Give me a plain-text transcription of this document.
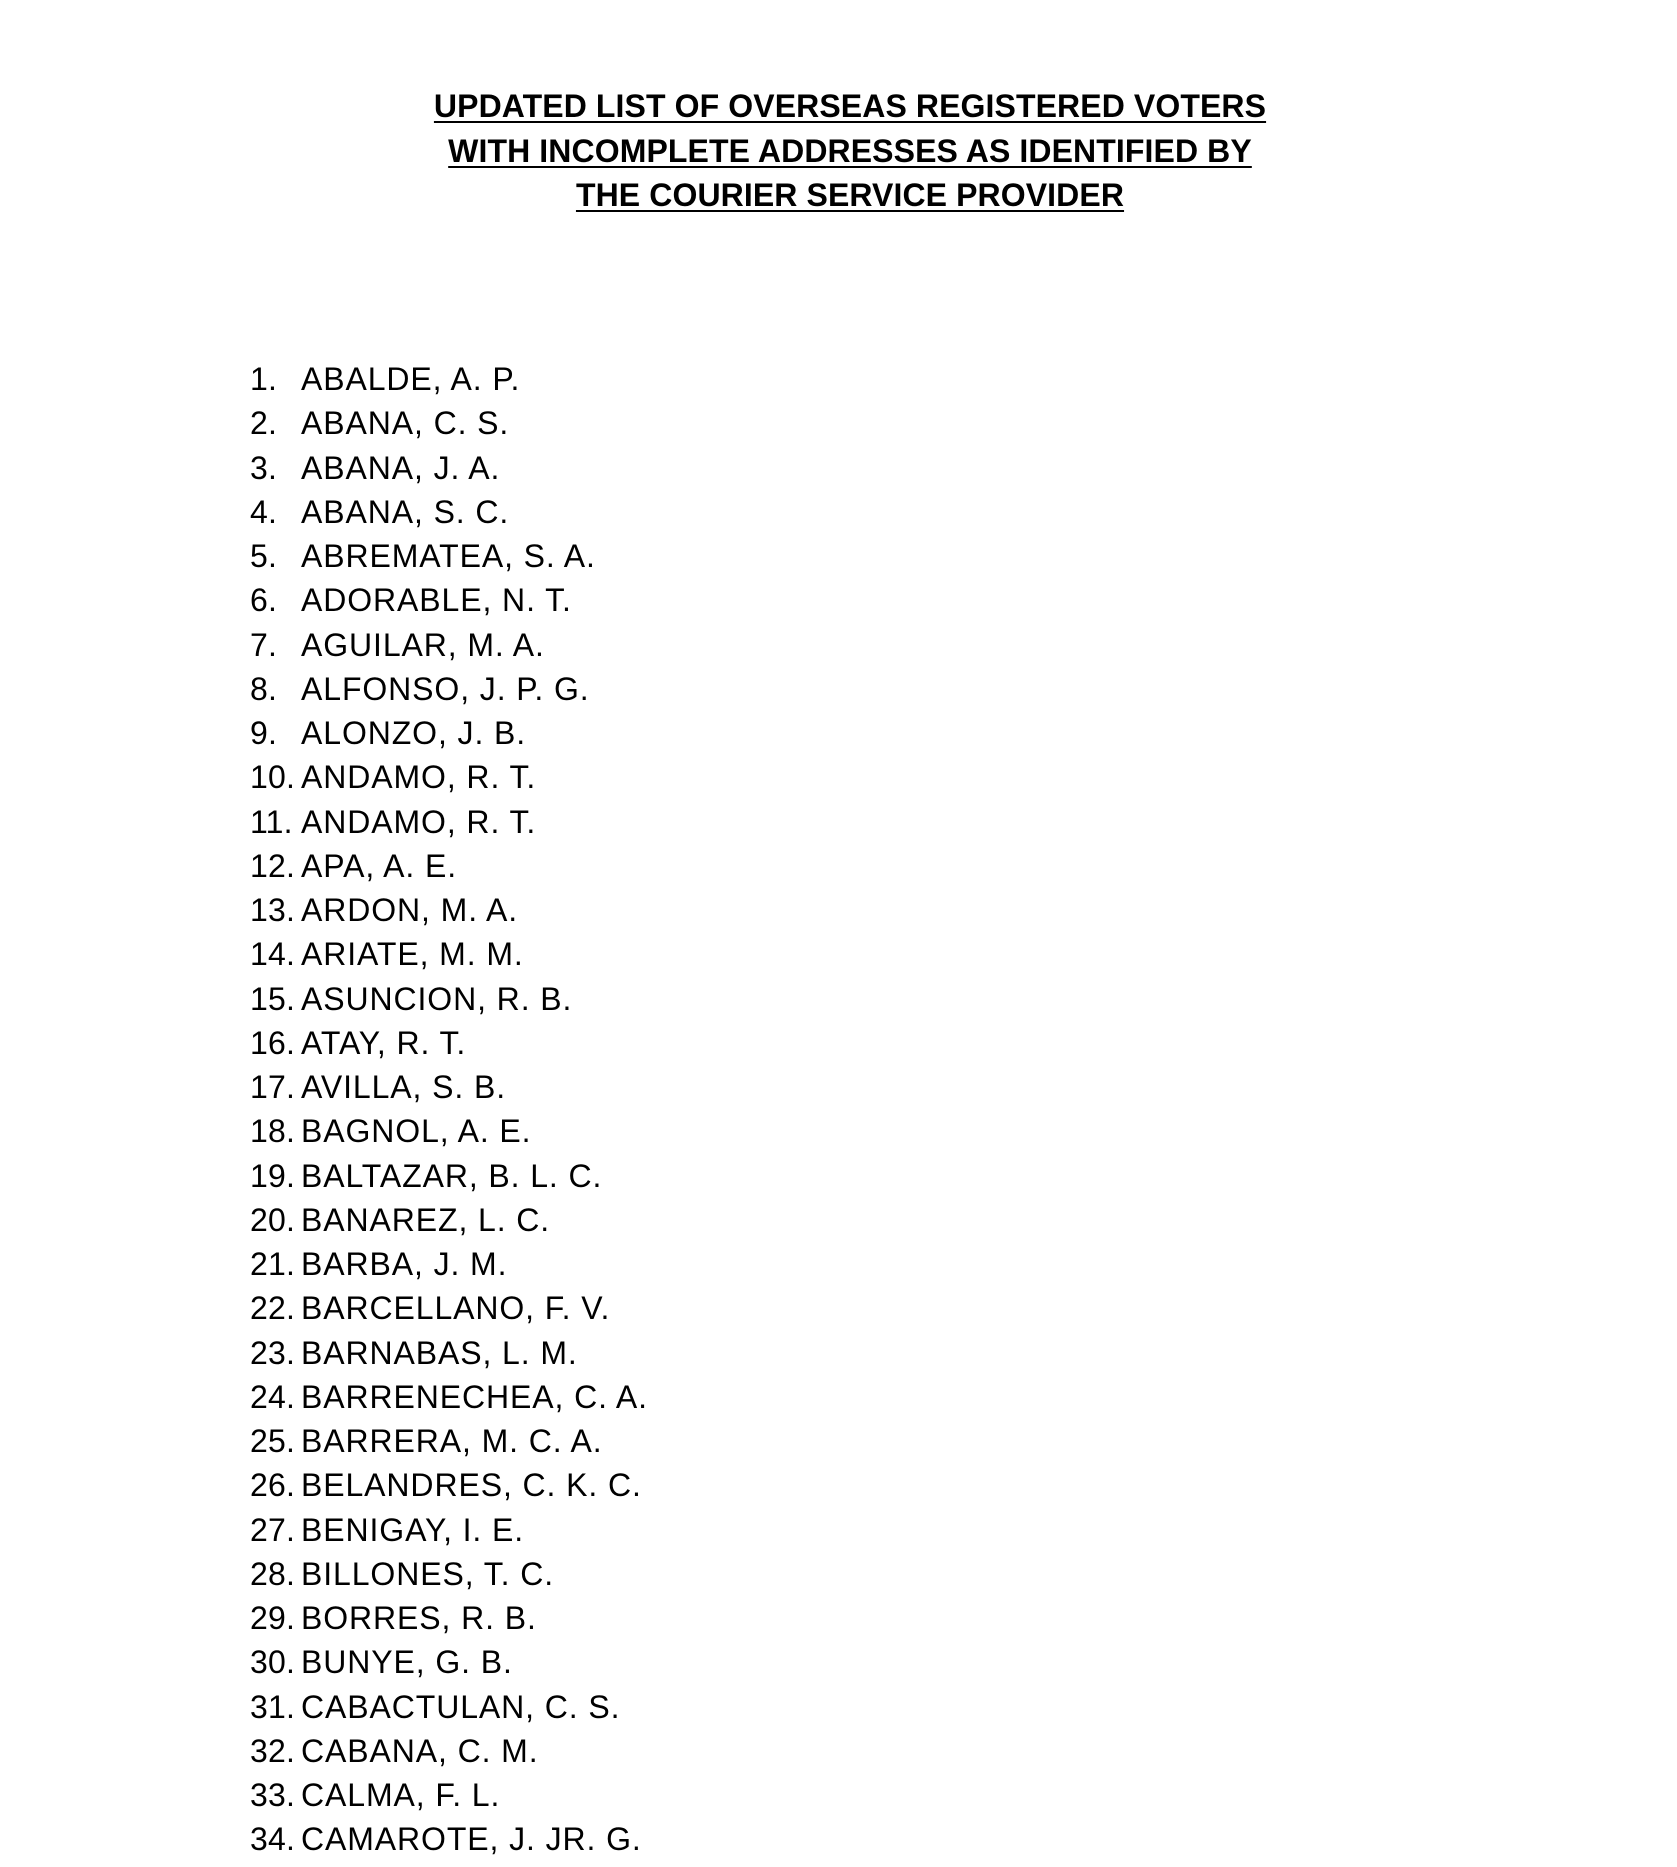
UPDATED LIST OF OVERSEAS REGISTERED VOTERS
WITH INCOMPLETE ADDRESSES AS IDENTIFIED BY
THE COURIER SERVICE PROVIDER
1. ABALDE, A. P.
2. ABANA, C. S.
3. ABANA, J. A.
4. ABANA, S. C.
5. ABREMATEA, S. A.
6. ADORABLE, N. T.
7. AGUILAR, M. A.
8. ALFONSO, J. P. G.
9. ALONZO, J. B.
10. ANDAMO, R. T.
11. ANDAMO, R. T.
12. APA, A. E.
13. ARDON, M. A.
14. ARIATE, M. M.
15. ASUNCION, R. B.
16. ATAY, R. T.
17. AVILLA, S. B.
18. BAGNOL, A. E.
19. BALTAZAR, B. L. C.
20. BANAREZ, L. C.
21. BARBA, J. M.
22. BARCELLANO, F. V.
23. BARNABAS, L. M.
24. BARRENECHEA, C. A.
25. BARRERA, M. C. A.
26. BELANDRES, C. K. C.
27. BENIGAY, I. E.
28. BILLONES, T. C.
29. BORRES, R. B.
30. BUNYE, G. B.
31. CABACTULAN, C. S.
32. CABANA, C. M.
33. CALMA, F. L.
34. CAMAROTE, J. JR. G.
